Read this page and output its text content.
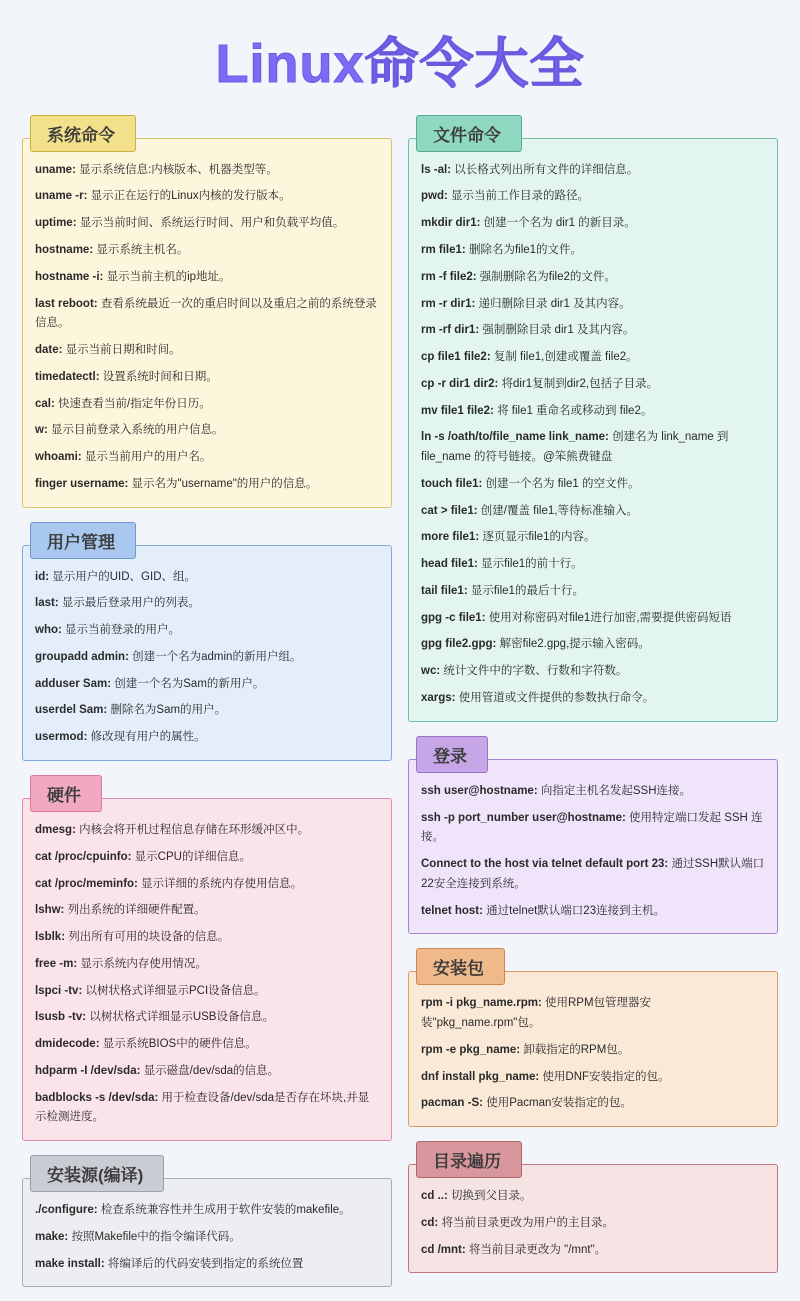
Linux命令大全
系统命令

uname: 显示系统信息:内核版本、机器类型等。

uname -r: 显示正在运行的Linux内核的发行版本。

uptime: 显示当前时间、系统运行时间、用户和负载平均值。

hostname: 显示系统主机名。

hostname -i: 显示当前主机的ip地址。

last reboot: 查看系统最近一次的重启时间以及重启之前的系统登录信息。

date: 显示当前日期和时间。

timedatectl: 设置系统时间和日期。

cal: 快速查看当前/指定年份日历。

w: 显示目前登录入系统的用户信息。

whoami: 显示当前用户的用户名。

finger username: 显示名为"username"的用户的信息。

用户管理

id: 显示用户的UID、GID、组。

last: 显示最后登录用户的列表。

who: 显示当前登录的用户。

groupadd admin: 创建一个名为admin的新用户组。

adduser Sam: 创建一个名为Sam的新用户。

userdel Sam: 删除名为Sam的用户。

usermod: 修改现有用户的属性。

硬件

dmesg: 内核会将开机过程信息存储在环形缓冲区中。

cat /proc/cpuinfo: 显示CPU的详细信息。

cat /proc/meminfo: 显示详细的系统内存使用信息。

lshw: 列出系统的详细硬件配置。

lsblk: 列出所有可用的块设备的信息。

free -m: 显示系统内存使用情况。

lspci -tv: 以树状格式详细显示PCI设备信息。

lsusb -tv: 以树状格式详细显示USB设备信息。

dmidecode: 显示系统BIOS中的硬件信息。

hdparm -I /dev/sda: 显示磁盘/dev/sda的信息。

badblocks -s /dev/sda: 用于检查设备/dev/sda是否存在坏块,并显示检测进度。

安装源(编译)

./configure: 检查系统兼容性并生成用于软件安装的makefile。

make: 按照Makefile中的指令编译代码。

make install: 将编译后的代码安装到指定的系统位置

文件命令

ls -al: 以长格式列出所有文件的详细信息。

pwd: 显示当前工作目录的路径。

mkdir dir1: 创建一个名为 dir1 的新目录。

rm file1: 删除名为file1的文件。

rm -f file2: 强制删除名为file2的文件。

rm -r dir1: 递归删除目录 dir1 及其内容。

rm -rf dir1: 强制删除目录 dir1 及其内容。

cp file1 file2: 复制 file1,创建或覆盖 file2。

cp -r dir1 dir2: 将dir1复制到dir2,包括子目录。

mv file1 file2: 将 file1 重命名或移动到 file2。

ln -s /oath/to/file_name link_name: 创建名为 link_name 到 file_name 的符号链接。@笨熊费键盘

touch file1: 创建一个名为 file1 的空文件。

cat > file1: 创建/覆盖 file1,等待标准输入。

more file1: 逐页显示file1的内容。

head file1: 显示file1的前十行。

tail file1: 显示file1的最后十行。

gpg -c file1: 使用对称密码对file1进行加密,需要提供密码短语

gpg file2.gpg: 解密file2.gpg,提示输入密码。

wc: 统计文件中的字数、行数和字符数。

xargs: 使用管道或文件提供的参数执行命令。

登录

ssh user@hostname: 向指定主机名发起SSH连接。

ssh -p port_number user@hostname: 使用特定端口发起 SSH 连接。

Connect to the host via telnet default port 23: 通过SSH默认端口22安全连接到系统。

telnet host: 通过telnet默认端口23连接到主机。

安装包

rpm -i pkg_name.rpm: 使用RPM包管理器安装"pkg_name.rpm"包。

rpm -e pkg_name: 卸载指定的RPM包。

dnf install pkg_name: 使用DNF安装指定的包。

pacman -S: 使用Pacman安装指定的包。

目录遍历

cd ..: 切换到父目录。

cd: 将当前目录更改为用户的主目录。

cd /mnt: 将当前目录更改为 "/mnt"。
